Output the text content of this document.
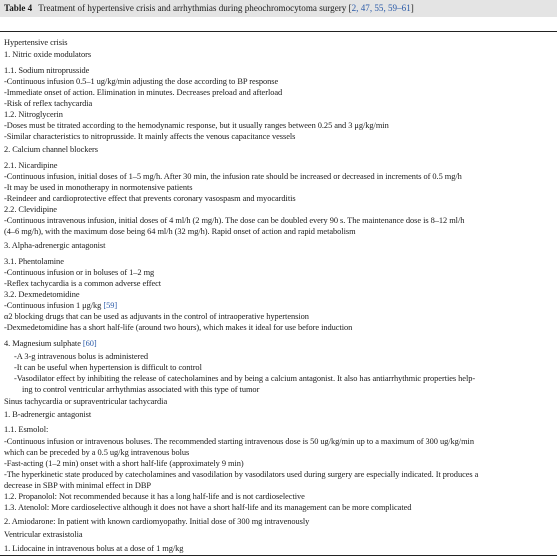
Table 4 Treatment of hypertensive crisis and arrhythmias during pheochromocytoma surgery [2, 47, 55, 59–61]
Hypertensive crisis
1. Nitric oxide modulators
1.1. Sodium nitroprusside
-Continuous infusion 0.5–1 ug/kg/min adjusting the dose according to BP response
-Immediate onset of action. Elimination in minutes. Decreases preload and afterload
-Risk of reflex tachycardia
1.2. Nitroglycerin
-Doses must be titrated according to the hemodynamic response, but it usually ranges between 0.25 and 3 μg/kg/min
-Similar characteristics to nitroprusside. It mainly affects the venous capacitance vessels
2. Calcium channel blockers
2.1. Nicardipine
-Continuous infusion, initial doses of 1–5 mg/h. After 30 min, the infusion rate should be increased or decreased in increments of 0.5 mg/h
-It may be used in monotherapy in normotensive patients
-Reindeer and cardioprotective effect that prevents coronary vasospasm and myocarditis
2.2. Clevidipine
-Continuous intravenous infusion, initial doses of 4 ml/h (2 mg/h). The dose can be doubled every 90 s. The maintenance dose is 8–12 ml/h
(4–6 mg/h), with the maximum dose being 64 ml/h (32 mg/h). Rapid onset of action and rapid metabolism
3. Alpha-adrenergic antagonist
3.1. Phentolamine
-Continuous infusion or in boluses of 1–2 mg
-Reflex tachycardia is a common adverse effect
3.2. Dexmedetomidine
-Continuous infusion 1 μg/kg [59]
α2 blocking drugs that can be used as adjuvants in the control of intraoperative hypertension
-Dexmedetomidine has a short half-life (around two hours), which makes it ideal for use before induction
4. Magnesium sulphate [60]
-A 3-g intravenous bolus is administered
-It can be useful when hypertension is difficult to control
-Vasodilator effect by inhibiting the release of catecholamines and by being a calcium antagonist. It also has antiarrhythmic properties help-
ing to control ventricular arrhythmias associated with this type of tumor
Sinus tachycardia or supraventricular tachycardia
1. B-adrenergic antagonist
1.1. Esmolol:
-Continuous infusion or intravenous boluses. The recommended starting intravenous dose is 50 ug/kg/min up to a maximum of 300 ug/kg/min
which can be preceded by a 0.5 ug/kg intravenous bolus
-Fast-acting (1–2 min) onset with a short half-life (approximately 9 min)
-The hyperkinetic state produced by catecholamines and vasodilation by vasodilators used during surgery are especially indicated. It produces a
decrease in SBP with minimal effect in DBP
1.2. Propanolol: Not recommended because it has a long half-life and is not cardioselective
1.3. Atenolol: More cardioselective although it does not have a short half-life and its management can be more complicated
2. Amiodarone: In patient with known cardiomyopathy. Initial dose of 300 mg intravenously
Ventricular extrasistolia
1. Lidocaine in intravenous bolus at a dose of 1 mg/kg
